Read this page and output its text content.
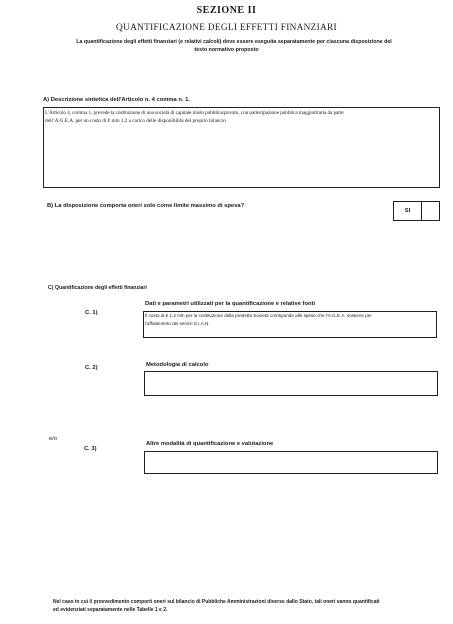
SEZIONE II
QUANTIFICAZIONE DEGLI EFFETTI FINANZIARI
La quantificazione degli effetti finanziari (e relativi calcoli) dove essere eseguita separatamente per ciascuna disposizione del
testo normativo proposto
A) Descrizione sintetica dell'Articolo n. 4 comma n. 1.
L'Articolo 4, comma 1, prevede la costituzione di una società di capitale misto pubblica/privato, con partecipazione pubblica maggioritaria da parte
dell' A.G.E.A. per un costo di € mln 1,2 a carico delle disponibilità del proprio bilancio
B) La disposizione comporta oneri solo come limite massimo di spesa?
SI
C) Quantificazione degli effetti finanziari
C. 1)
Dati e parametri utilizzati per la quantificazione e relative fonti
Il costo di € 1,2 mln per la costituzione della predetta Società corrisponde alle spese che l'A.G.E.A. sostiene per
l'affidamento dei servizi S.I.A.N.
C. 2)	Metodologia di calcolo
e/o
C. 3)
Altre modalità di quantificazione e valutazione
Nel caso in cui il provvedimento comporti oneri sul bilancio di Pubbliche Amministrazioni diverse dallo Stato, tali oneri vanno quantificati
ed evidenziati separatamente nelle Tabelle 1 e 2.
